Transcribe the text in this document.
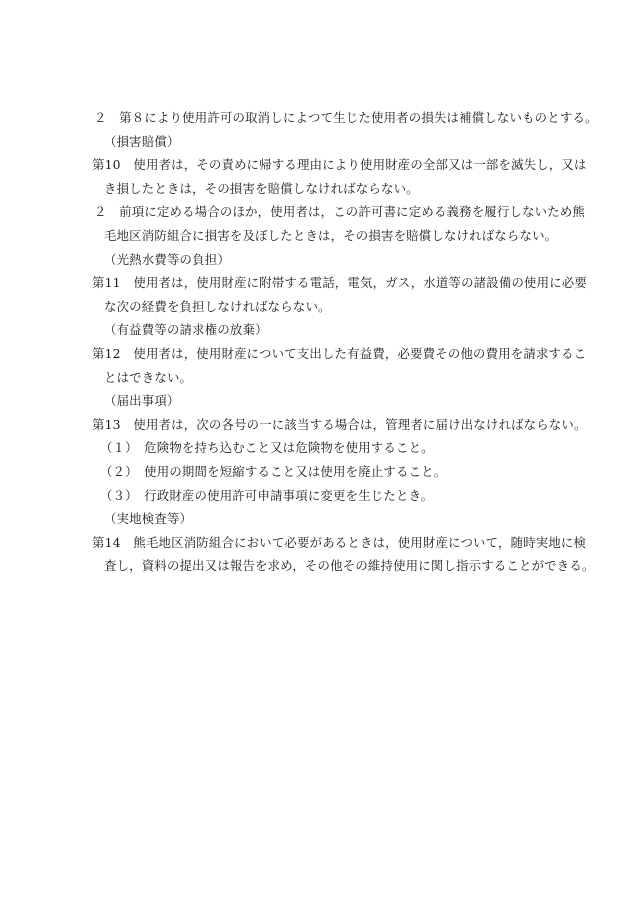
２　第８により使用許可の取消しによつて生じた使用者の損失は補償しないものとする。
（損害賠償）
第10　使用者は，その責めに帰する理由により使用財産の全部又は一部を滅失し，又は
き損したときは，その損害を賠償しなければならない。
２　前項に定める場合のほか，使用者は，この許可書に定める義務を履行しないため熊
毛地区消防組合に損害を及ぼしたときは，その損害を賠償しなければならない。
（光熱水費等の負担）
第11　使用者は，使用財産に附帯する電話，電気，ガス，水道等の諸設備の使用に必要
な次の経費を負担しなければならない。
（有益費等の請求権の放棄）
第12　使用者は，使用財産について支出した有益費，必要費その他の費用を請求するこ
とはできない。
（届出事項）
第13　使用者は，次の各号の一に該当する場合は，管理者に届け出なければならない。
（１）　危険物を持ち込むこと又は危険物を使用すること。
（２）　使用の期間を短縮すること又は使用を廃止すること。
（３）　行政財産の使用許可申請事項に変更を生じたとき。
（実地検査等）
第14　熊毛地区消防組合において必要があるときは，使用財産について，随時実地に検
査し，資料の提出又は報告を求め，その他その維持使用に関し指示することができる。
